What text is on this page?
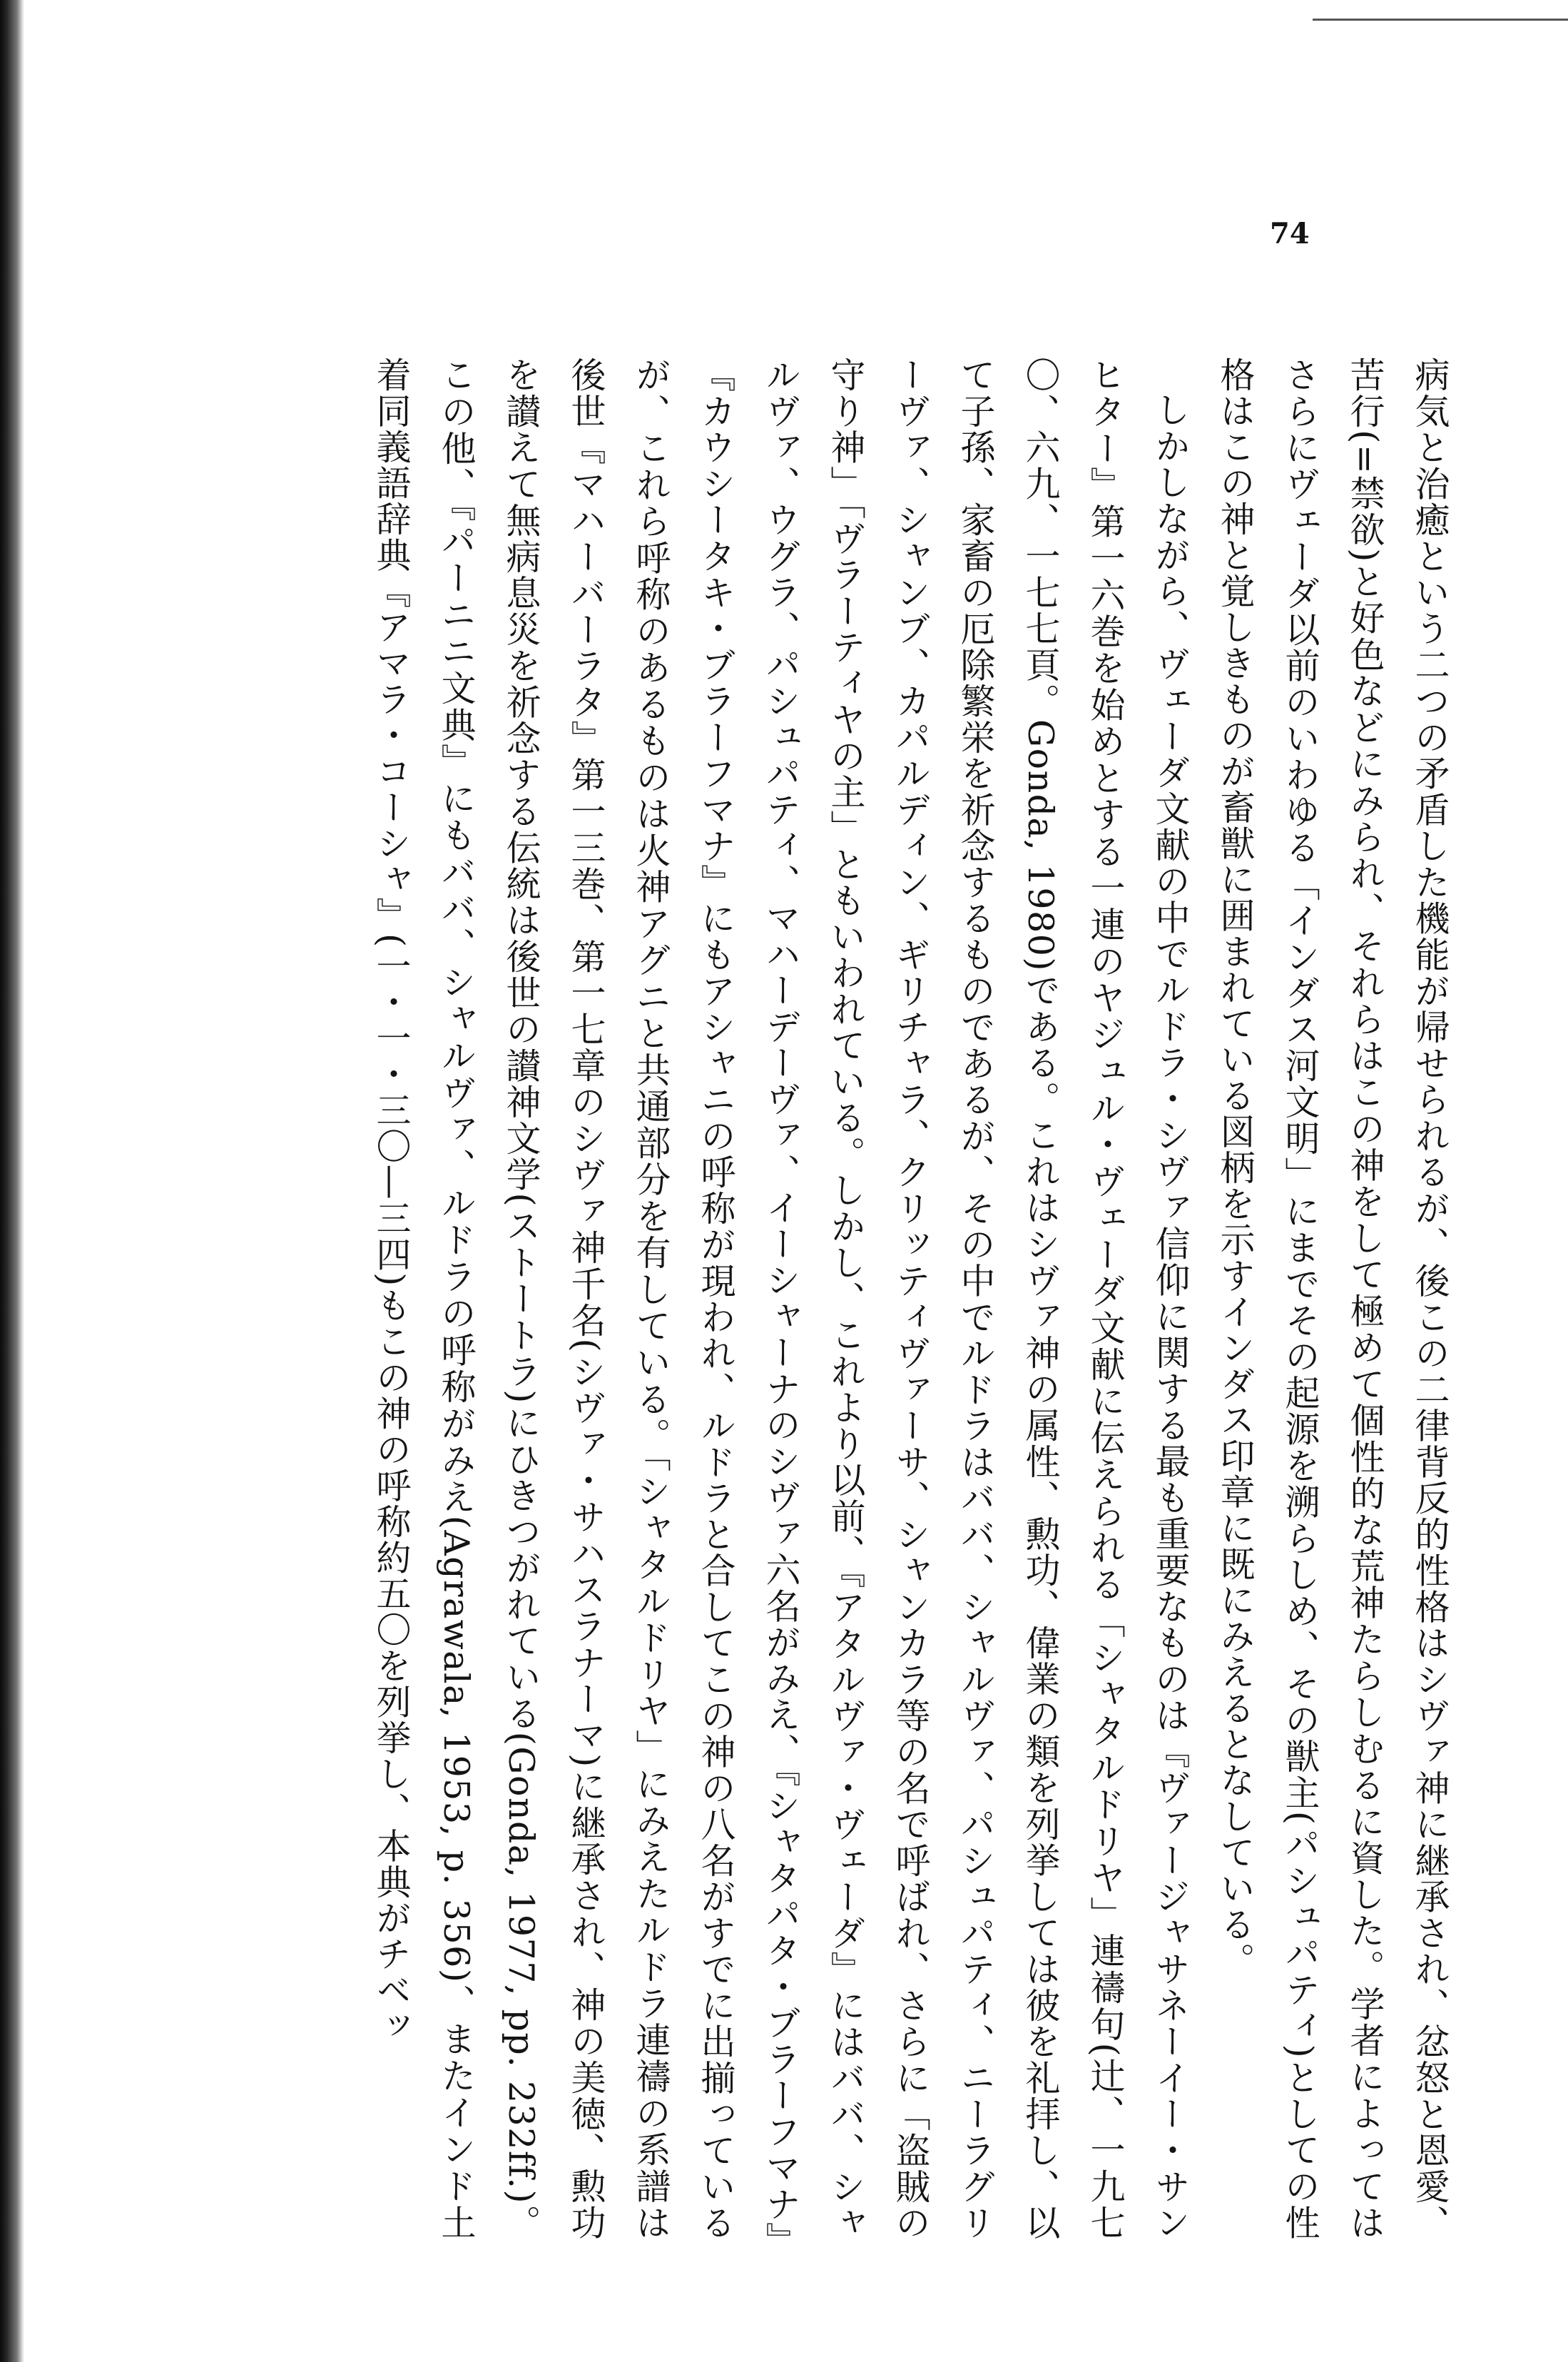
74

病気と治癒という二つの矛盾した機能が帰せられるが、後この二律背反的性格はシヴァ神に継承され、忿怒と恩愛、苦行(=禁欲)と好色などにみられ、それらはこの神をして極めて個性的な荒神たらしむるに資した。学者によってはさらにヴェーダ以前のいわゆる「インダス河文明」にまでその起源を溯らしめ、その獣主(パシュパティ)としての性格はこの神と覚しきものが畜獣に囲まれている図柄を示すインダス印章に既にみえるとなしている。

しかしながら、ヴェーダ文献の中でルドラ・シヴァ信仰に関する最も重要なものは『ヴァージャサネーイー・サンヒター』第一六巻を始めとする一連のヤジュル・ヴェーダ文献に伝えられる「シャタルドリヤ」連禱句(辻、一九七〇、六九、一七七頁。Gonda, 1980)である。これはシヴァ神の属性、勲功、偉業の類を列挙しては彼を礼拝し、以て子孫、家畜の厄除繁栄を祈念するものであるが、その中でルドラはババ、シャルヴァ、パシュパティ、ニーラグリーヴァ、シャンブ、カパルディン、ギリチャラ、クリッティヴァーサ、シャンカラ等の名で呼ばれ、さらに「盗賊の守り神」「ヴラーティヤの主」ともいわれている。しかし、これより以前、『アタルヴァ・ヴェーダ』にはババ、シャルヴァ、ウグラ、パシュパティ、マハーデーヴァ、イーシャーナのシヴァ六名がみえ、『シャタパタ・ブラーフマナ』『カウシータキ・ブラーフマナ』にもアシャニの呼称が現われ、ルドラと合してこの神の八名がすでに出揃っているが、これら呼称のあるものは火神アグニと共通部分を有している。「シャタルドリヤ」にみえたルドラ連禱の系譜は後世『マハーバーラタ』第一三巻、第一七章のシヴァ神千名(シヴァ・サハスラナーマ)に継承され、神の美徳、勲功を讃えて無病息災を祈念する伝統は後世の讃神文学(ストートラ)にひきつがれている(Gonda, 1977, pp. 232ff.)。この他、『パーニニ文典』にもババ、シャルヴァ、ルドラの呼称がみえ(Agrawala, 1953, p. 356)、またインド土着同義語辞典『アマラ・コーシャ』(一・一・三〇—三四)もこの神の呼称約五〇を列挙し、本典がチベッ
